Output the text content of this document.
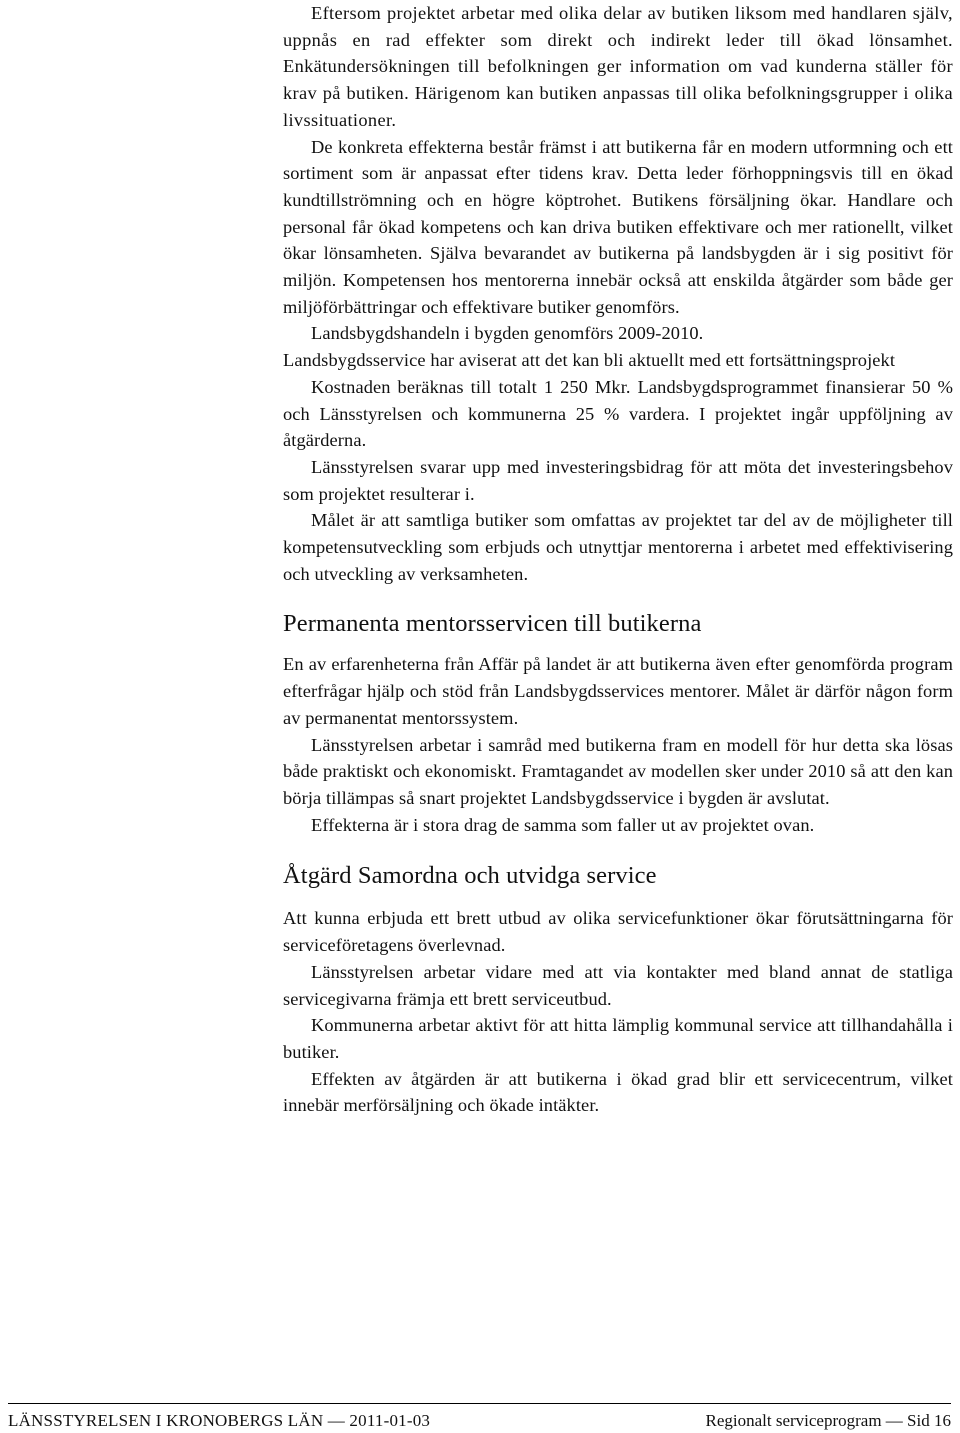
Eftersom projektet arbetar med olika delar av butiken liksom med handlaren själv, uppnås en rad effekter som direkt och indirekt leder till ökad lönsamhet. Enkätundersökningen till befolkningen ger information om vad kunderna ställer för krav på butiken. Härigenom kan butiken anpassas till olika befolkningsgrupper i olika livssituationer.

De konkreta effekterna består främst i att butikerna får en modern utformning och ett sortiment som är anpassat efter tidens krav. Detta leder förhoppningsvis till en ökad kundtillströmning och en högre köptrohet. Butikens försäljning ökar. Handlare och personal får ökad kompetens och kan driva butiken effektivare och mer rationellt, vilket ökar lönsamheten. Själva bevarandet av butikerna på landsbygden är i sig positivt för miljön. Kompetensen hos mentorerna innebär också att enskilda åtgärder som både ger miljöförbättringar och effektivare butiker genomförs.

Landsbygdshandeln i bygden genomförs 2009-2010.

Landsbygdsservice har aviserat att det kan bli aktuellt med ett fortsättningsprojekt

Kostnaden beräknas till totalt 1 250 Mkr. Landsbygdsprogrammet finansierar 50 % och Länsstyrelsen och kommunerna 25 % vardera. I projektet ingår uppföljning av åtgärderna.

Länsstyrelsen svarar upp med investeringsbidrag för att möta det investeringsbehov som projektet resulterar i.

Målet är att samtliga butiker som omfattas av projektet tar del av de möjligheter till kompetensutveckling som erbjuds och utnyttjar mentorerna i arbetet med effektivisering och utveckling av verksamheten.

Permanenta mentorsservicen till butikerna

En av erfarenheterna från Affär på landet är att butikerna även efter genomförda program efterfrågar hjälp och stöd från Landsbygdsservices mentorer. Målet är därför någon form av permanentat mentorssystem.

Länsstyrelsen arbetar i samråd med butikerna fram en modell för hur detta ska lösas både praktiskt och ekonomiskt. Framtagandet av modellen sker under 2010 så att den kan börja tillämpas så snart projektet Landsbygdsservice i bygden är avslutat.

Effekterna är i stora drag de samma som faller ut av projektet ovan.

Åtgärd Samordna och utvidga service

Att kunna erbjuda ett brett utbud av olika servicefunktioner ökar förutsättningarna för serviceföretagens överlevnad.

Länsstyrelsen arbetar vidare med att via kontakter med bland annat de statliga servicegivarna främja ett brett serviceutbud.

Kommunerna arbetar aktivt för att hitta lämplig kommunal service att tillhandahålla i butiker.

Effekten av åtgärden är att butikerna i ökad grad blir ett servicecentrum, vilket innebär merförsäljning och ökade intäkter.

LÄNSSTYRELSEN I KRONOBERGS LÄN — 2011-01-03	Regionalt serviceprogram — Sid 16
